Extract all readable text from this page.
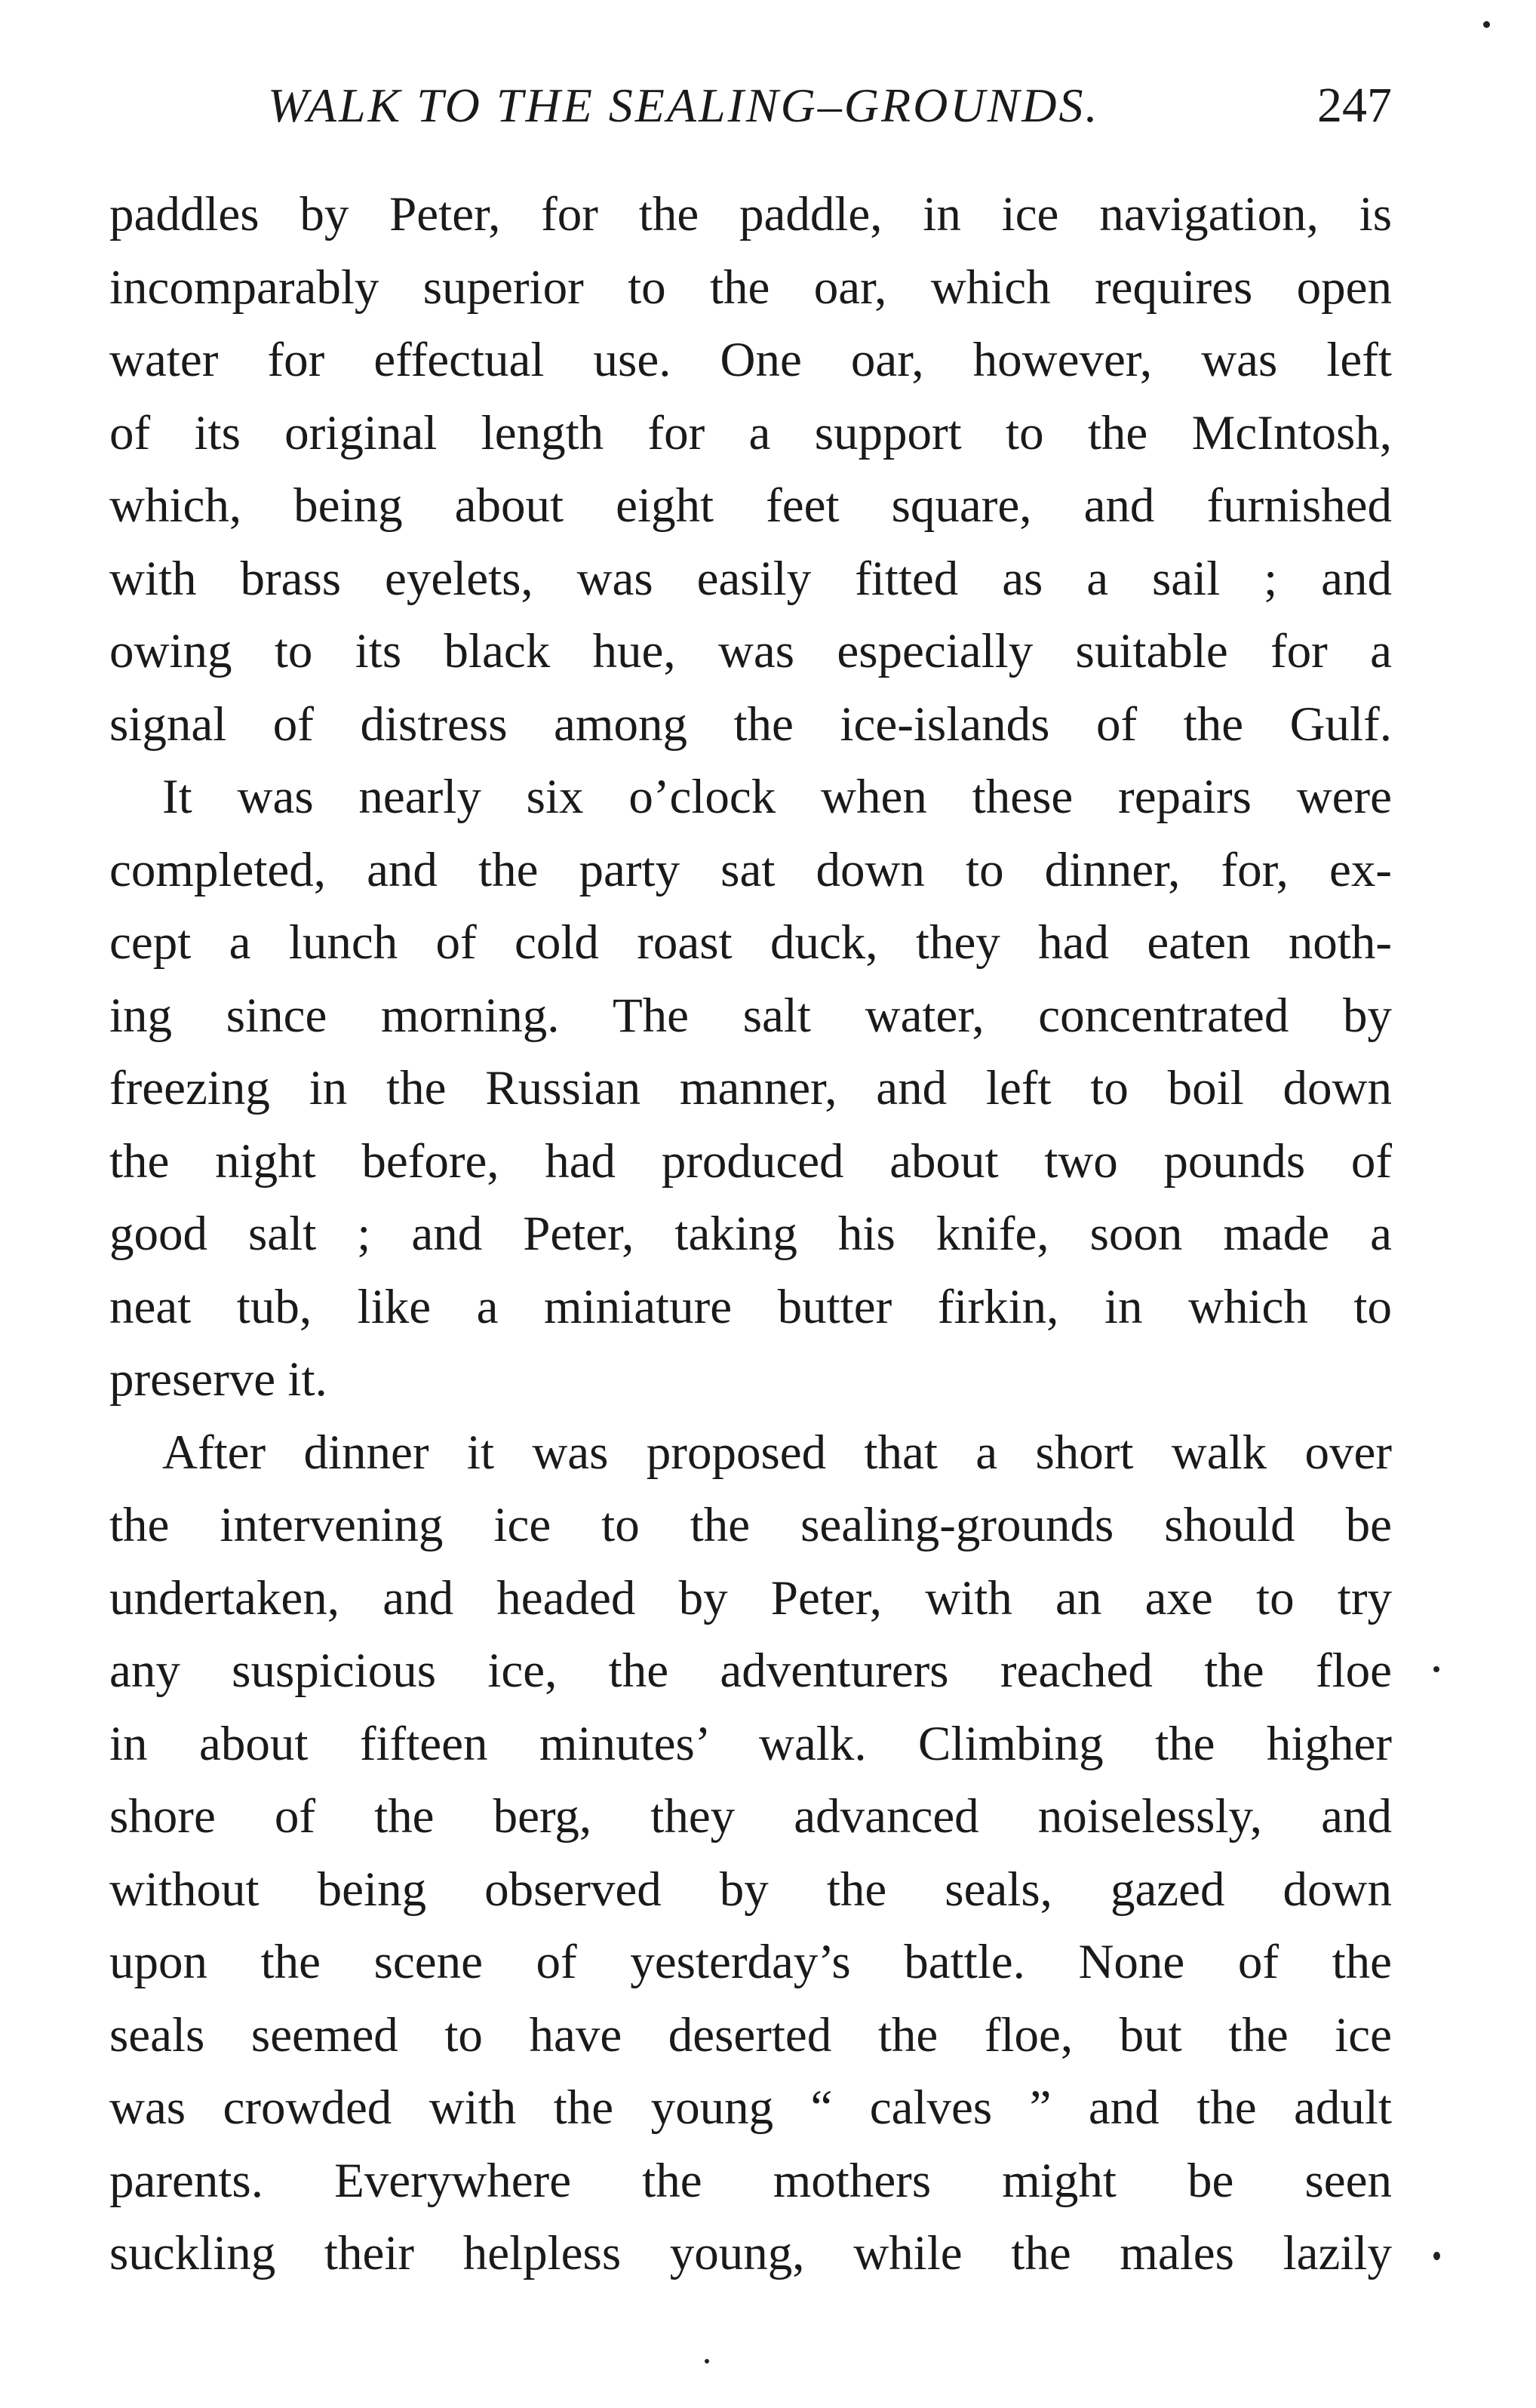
WALK TO THE SEALING–GROUNDS.	247
paddles by Peter, for the paddle, in ice navigation, is
incomparably superior to the oar, which requires open
water for effectual use. One oar, however, was left
of its original length for a support to the McIntosh,
which, being about eight feet square, and furnished
with brass eyelets, was easily fitted as a sail ; and
owing to its black hue, was especially suitable for a
signal of distress among the ice-islands of the Gulf.
It was nearly six o’clock when these repairs were
completed, and the party sat down to dinner, for, ex-
cept a lunch of cold roast duck, they had eaten noth-
ing since morning. The salt water, concentrated by
freezing in the Russian manner, and left to boil down
the night before, had produced about two pounds of
good salt ; and Peter, taking his knife, soon made a
neat tub, like a miniature butter firkin, in which to
preserve it.
After dinner it was proposed that a short walk over
the intervening ice to the sealing-grounds should be
undertaken, and headed by Peter, with an axe to try
any suspicious ice, the adventurers reached the floe
in about fifteen minutes’ walk. Climbing the higher
shore of the berg, they advanced noiselessly, and
without being observed by the seals, gazed down
upon the scene of yesterday’s battle. None of the
seals seemed to have deserted the floe, but the ice
was crowded with the young “ calves ” and the adult
parents. Everywhere the mothers might be seen
suckling their helpless young, while the males lazily
